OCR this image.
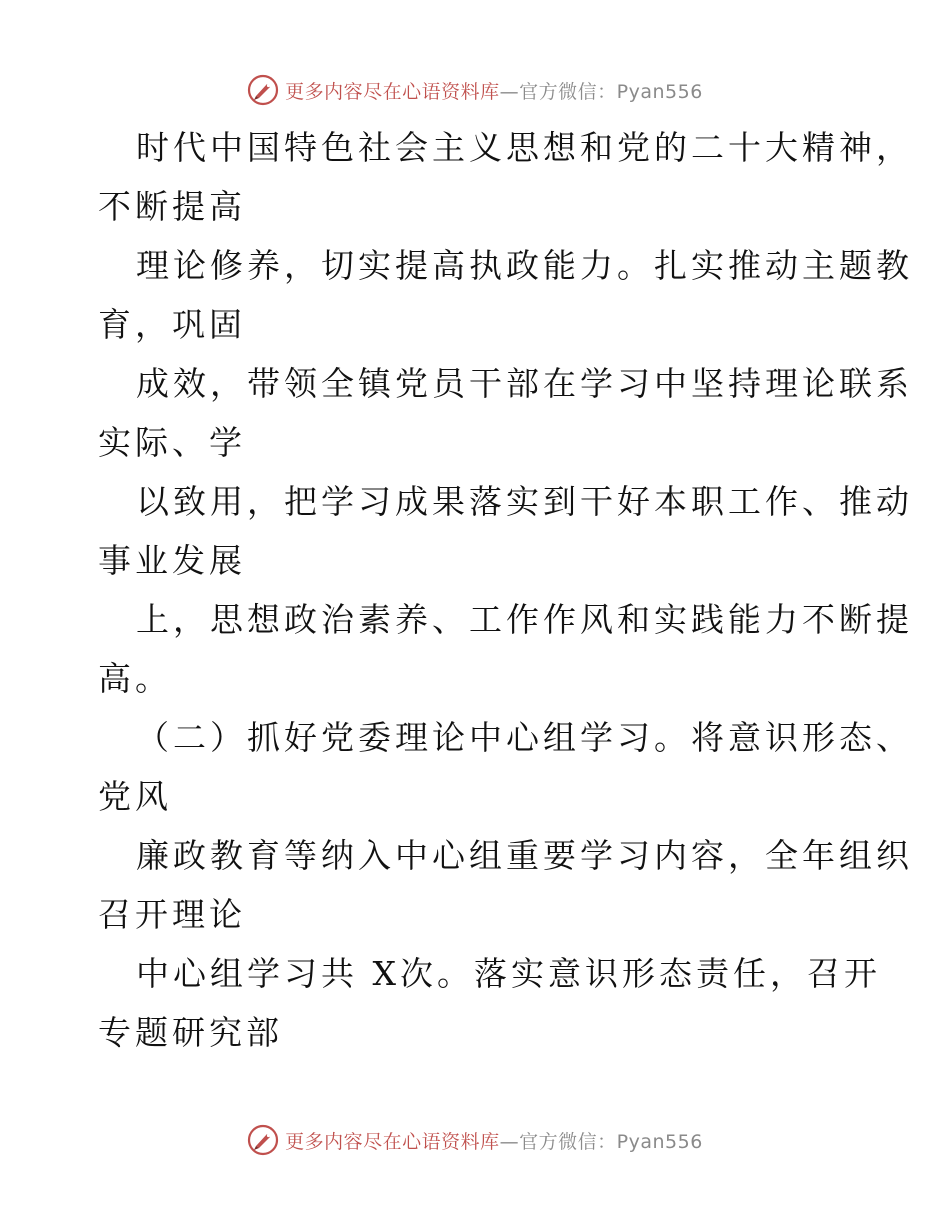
更多内容尽在心语资料库—官方微信：Pyan556
时代中国特色社会主义思想和党的二十大精神，
不断提高
理论修养，切实提高执政能力。扎实推动主题教
育，巩固
成效，带领全镇党员干部在学习中坚持理论联系
实际、学
以致用，把学习成果落实到干好本职工作、推动
事业发展
上，思想政治素养、工作作风和实践能力不断提
高。
（二）抓好党委理论中心组学习。将意识形态、
党风
廉政教育等纳入中心组重要学习内容，全年组织
召开理论
中心组学习共 X次。落实意识形态责任，召开
专题研究部
更多内容尽在心语资料库—官方微信：Pyan556
